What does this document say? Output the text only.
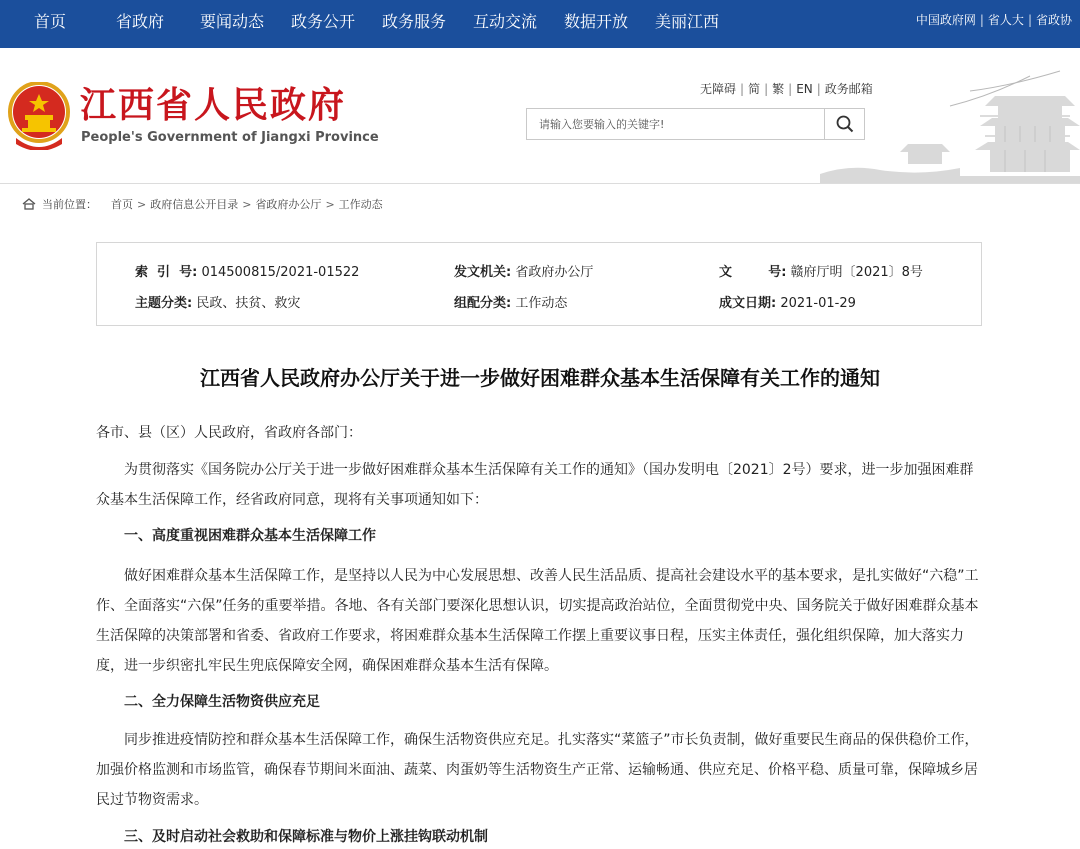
首页	省政府 要闻动态 政务公开 政务服务 互动交流 数据开放 美丽江西	中国政府网 | 省人大 | 省政协
江西省人民政府
People's Government of Jiangxi Province
无障碍 | 简 | 繁 | EN | 政务邮箱
请输入您要输入的关键字!
当前位置： 首页 > 政府信息公开目录 > 省政府办公厅 > 工作动态
索  引  号: 014500815/2021-01522	发文机关: 省政府办公厅	文        号: 赣府厅明〔2021〕8号
主题分类: 民政、扶贫、救灾	组配分类: 工作动态	成文日期: 2021-01-29
江西省人民政府办公厅关于进一步做好困难群众基本生活保障有关工作的通知
各市、县（区）人民政府，省政府各部门：
为贯彻落实《国务院办公厅关于进一步做好困难群众基本生活保障有关工作的通知》（国办发明电〔2021〕2号）要求，进一步加强困难群众基本生活保障工作，经省政府同意，现将有关事项通知如下：
一、高度重视困难群众基本生活保障工作
做好困难群众基本生活保障工作，是坚持以人民为中心发展思想、改善人民生活品质、提高社会建设水平的基本要求，是扎实做好“六稳”工作、全面落实“六保”任务的重要举措。各地、各有关部门要深化思想认识，切实提高政治站位，全面贯彻党中央、国务院关于做好困难群众基本生活保障的决策部署和省委、省政府工作要求，将困难群众基本生活保障工作摆上重要议事日程，压实主体责任，强化组织保障，加大落实力度，进一步织密扎牢民生兜底保障安全网，确保困难群众基本生活有保障。
二、全力保障生活物资供应充足
同步推进疫情防控和群众基本生活保障工作，确保生活物资供应充足。扎实落实“菜篮子”市长负责制，做好重要民生商品的保供稳价工作，加强价格监测和市场监管，确保春节期间米面油、蔬菜、肉蛋奶等生活物资生产正常、运输畅通、供应充足、价格平稳、质量可靠，保障城乡居民过节物资需求。
三、及时启动社会救助和保障标准与物价上涨挂钩联动机制
